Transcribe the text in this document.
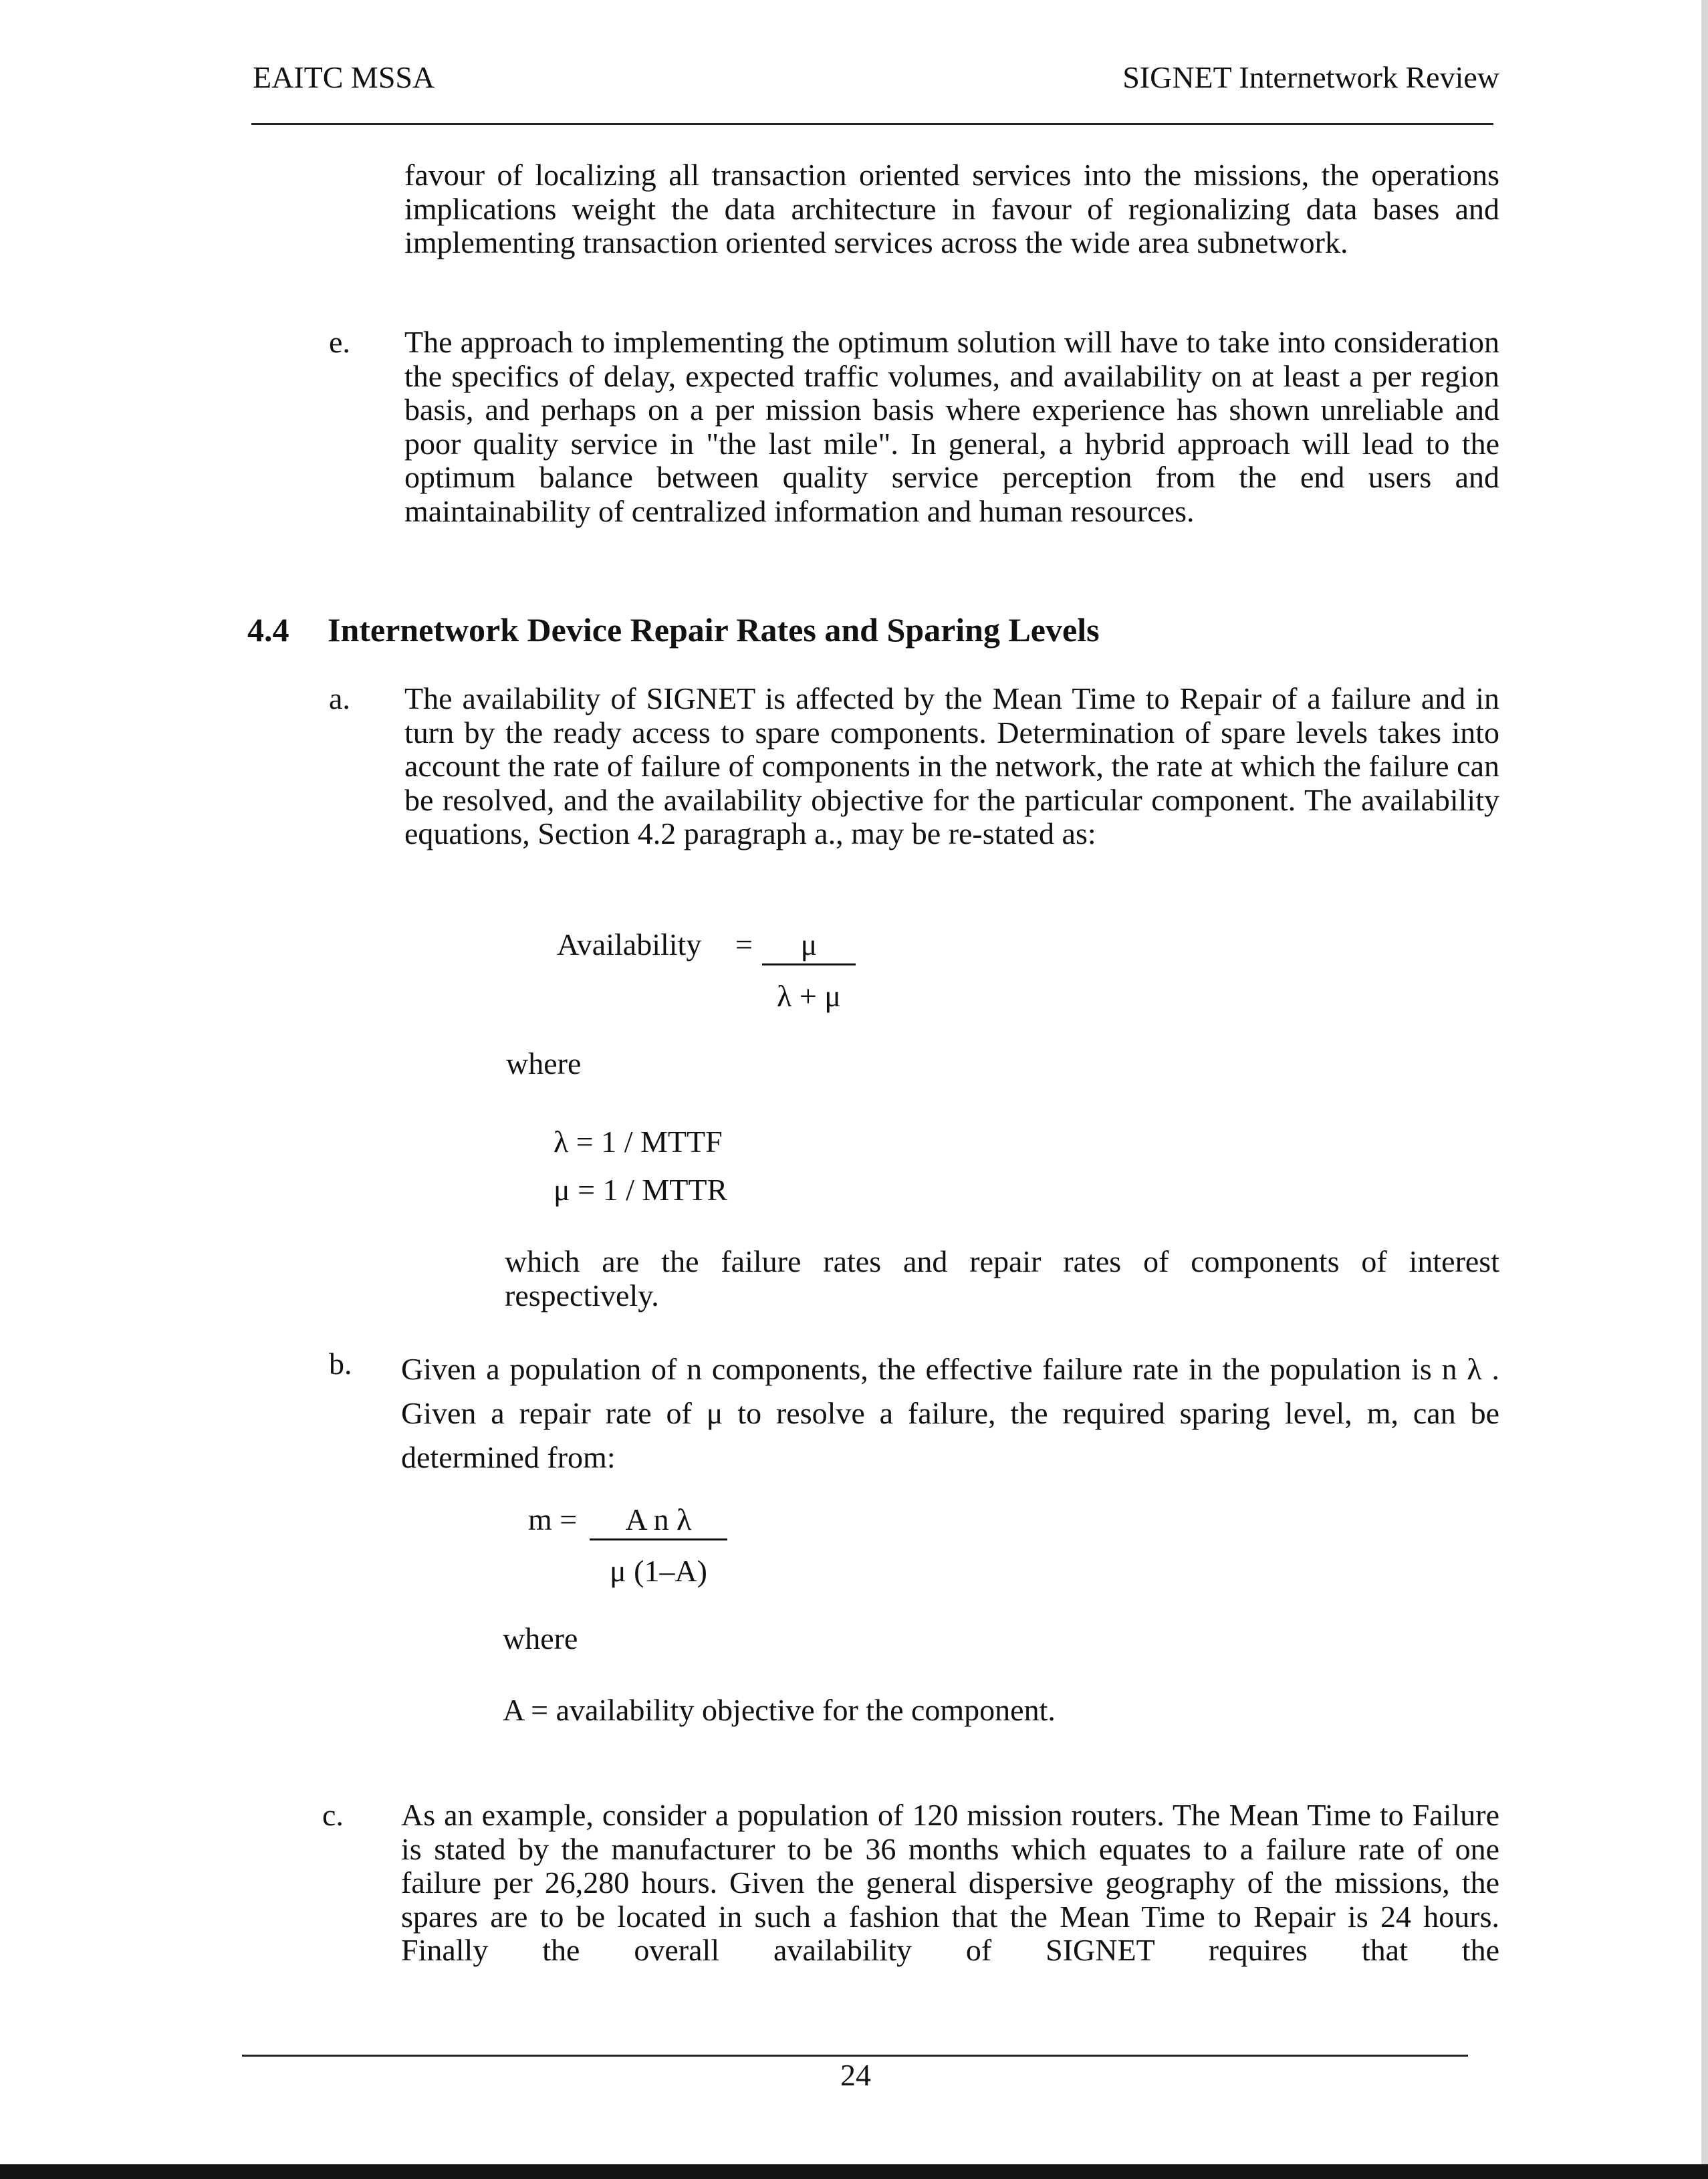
EAITC MSSA	SIGNET Internetwork Review
favour of localizing all transaction oriented services into the missions, the operations implications weight the data architecture in favour of regionalizing data bases and implementing transaction oriented services across the wide area subnetwork.
e. The approach to implementing the optimum solution will have to take into consideration the specifics of delay, expected traffic volumes, and availability on at least a per region basis, and perhaps on a per mission basis where experience has shown unreliable and poor quality service in "the last mile". In general, a hybrid approach will lead to the optimum balance between quality service perception from the end users and maintainability of centralized information and human resources.
4.4 Internetwork Device Repair Rates and Sparing Levels
a. The availability of SIGNET is affected by the Mean Time to Repair of a failure and in turn by the ready access to spare components. Determination of spare levels takes into account the rate of failure of components in the network, the rate at which the failure can be resolved, and the availability objective for the particular component. The availability equations, Section 4.2 paragraph a., may be re-stated as:
Availability = $\frac{\mu}{\lambda + \mu}$
where
λ = 1 / MTTF
μ = 1 / MTTR
which are the failure rates and repair rates of components of interest respectively.
b. Given a population of n components, the effective failure rate in the population is n λ . Given a repair rate of μ to resolve a failure, the required sparing level, m, can be determined from:
$m = \frac{\text{A n λ}}{\mu (1-A)}$
where
A = availability objective for the component.
c. As an example, consider a population of 120 mission routers. The Mean Time to Failure is stated by the manufacturer to be 36 months which equates to a failure rate of one failure per 26,280 hours. Given the general dispersive geography of the missions, the spares are to be located in such a fashion that the Mean Time to Repair is 24 hours. Finally the overall availability of SIGNET requires that the
24
